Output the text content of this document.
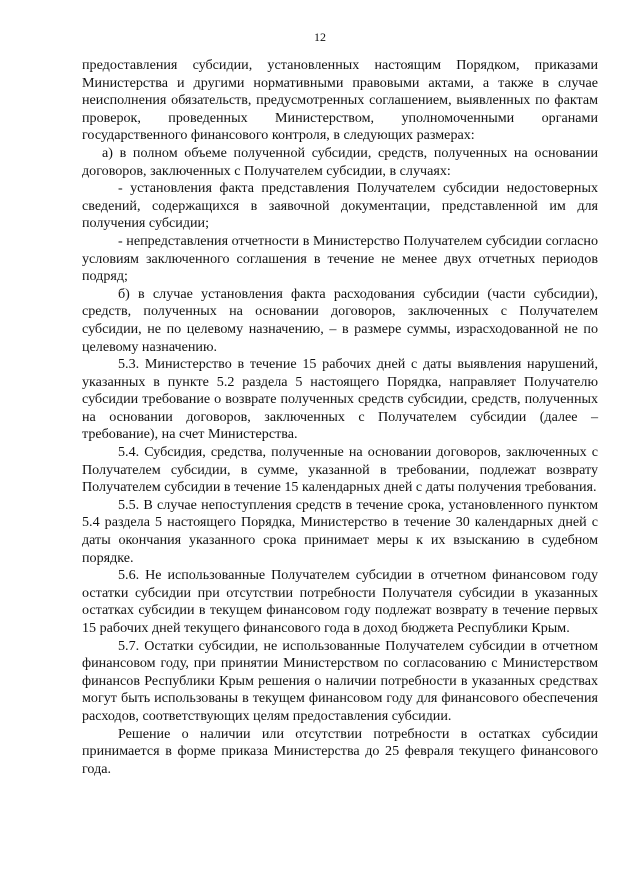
12

предоставления субсидии, установленных настоящим Порядком, приказами Министерства и другими нормативными правовыми актами, а также в случае неисполнения обязательств, предусмотренных соглашением, выявленных по фактам проверок, проведенных Министерством, уполномоченными органами государственного финансового контроля, в следующих размерах:

а) в полном объеме полученной субсидии, средств, полученных на основании договоров, заключенных с Получателем субсидии, в случаях:

- установления факта представления Получателем субсидии недостоверных сведений, содержащихся в заявочной документации, представленной им для получения субсидии;

- непредставления отчетности в Министерство Получателем субсидии согласно условиям заключенного соглашения в течение не менее двух отчетных периодов подряд;

б) в случае установления факта расходования субсидии (части субсидии), средств, полученных на основании договоров, заключенных с Получателем субсидии, не по целевому назначению, – в размере суммы, израсходованной не по целевому назначению.

5.3. Министерство в течение 15 рабочих дней с даты выявления нарушений, указанных в пункте 5.2 раздела 5 настоящего Порядка, направляет Получателю субсидии требование о возврате полученных средств субсидии, средств, полученных на основании договоров, заключенных с Получателем субсидии (далее – требование), на счет Министерства.

5.4. Субсидия, средства, полученные на основании договоров, заключенных с Получателем субсидии, в сумме, указанной в требовании, подлежат возврату Получателем субсидии в течение 15 календарных дней с даты получения требования.

5.5. В случае непоступления средств в течение срока, установленного пунктом 5.4 раздела 5 настоящего Порядка, Министерство в течение 30 календарных дней с даты окончания указанного срока принимает меры к их взысканию в судебном порядке.

5.6. Не использованные Получателем субсидии в отчетном финансовом году остатки субсидии при отсутствии потребности Получателя субсидии в указанных остатках субсидии в текущем финансовом году подлежат возврату в течение первых 15 рабочих дней текущего финансового года в доход бюджета Республики Крым.

5.7. Остатки субсидии, не использованные Получателем субсидии в отчетном финансовом году, при принятии Министерством по согласованию с Министерством финансов Республики Крым решения о наличии потребности в указанных средствах могут быть использованы в текущем финансовом году для финансового обеспечения расходов, соответствующих целям предоставления субсидии.

Решение о наличии или отсутствии потребности в остатках субсидии принимается в форме приказа Министерства до 25 февраля текущего финансового года.
